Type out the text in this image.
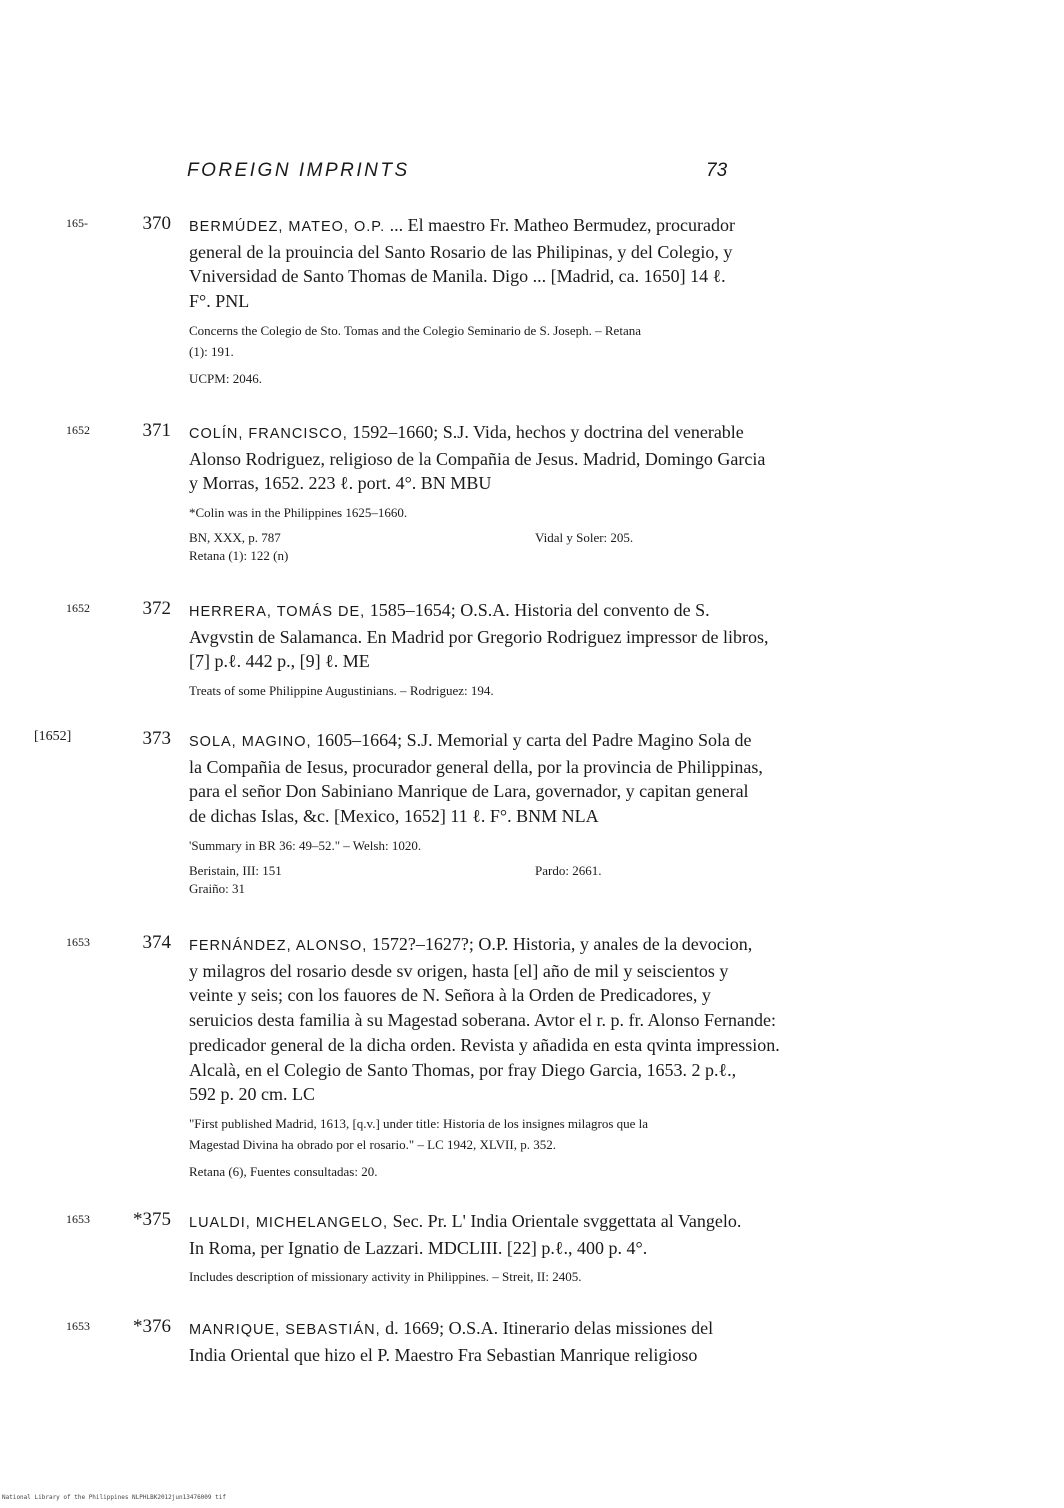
FOREIGN IMPRINTS	73
165-	370 BERMÚDEZ, MATEO, O.P. ... El maestro Fr. Matheo Bermudez, procurador
general de la prouincia del Santo Rosario de las Philipinas, y del Colegio, y
Vniversidad de Santo Thomas de Manila. Digo ... [Madrid, ca. 1650] 14 ℓ.
F°. PNL
Concerns the Colegio de Sto. Tomas and the Colegio Seminario de S. Joseph. – Retana
(1): 191.
UCPM: 2046.
1652	371 COLÍN, FRANCISCO, 1592–1660; S.J. Vida, hechos y doctrina del venerable
Alonso Rodriguez, religioso de la Compañia de Jesus. Madrid, Domingo Garcia
y Morras, 1652. 223 ℓ. port. 4°. BN MBU
*Colin was in the Philippines 1625–1660.
BN, XXX, p. 787	Vidal y Soler: 205.
Retana (1): 122 (n)
1652	372 HERRERA, TOMÁS DE, 1585–1654; O.S.A. Historia del convento de S.
Avgvstin de Salamanca. En Madrid por Gregorio Rodriguez impressor de libros,
[7] p.ℓ. 442 p., [9] ℓ. ME
Treats of some Philippine Augustinians. – Rodriguez: 194.
[1652]	373 SOLA, MAGINO, 1605–1664; S.J. Memorial y carta del Padre Magino Sola de
la Compañia de Iesus, procurador general della, por la provincia de Philippinas,
para el señor Don Sabiniano Manrique de Lara, governador, y capitan general
de dichas Islas, &c. [Mexico, 1652] 11 ℓ. F°. BNM NLA
'Summary in BR 36: 49–52." – Welsh: 1020.
Beristain, III: 151	Pardo: 2661.
Graiño: 31
1653	374 FERNÁNDEZ, ALONSO, 1572?–1627?; O.P. Historia, y anales de la devocion,
y milagros del rosario desde sv origen, hasta [el] año de mil y seiscientos y
veinte y seis; con los fauores de N. Señora à la Orden de Predicadores, y
seruicios desta familia à su Magestad soberana. Avtor el r. p. fr. Alonso Fernande:
predicador general de la dicha orden. Revista y añadida en esta qvinta impression.
Alcalà, en el Colegio de Santo Thomas, por fray Diego Garcia, 1653. 2 p.ℓ.,
592 p. 20 cm. LC
"First published Madrid, 1613, [q.v.] under title: Historia de los insignes milagros que la
Magestad Divina ha obrado por el rosario." – LC 1942, XLVII, p. 352.
Retana (6), Fuentes consultadas: 20.
1653 *375 LUALDI, MICHELANGELO, Sec. Pr. L' India Orientale svggettata al Vangelo.
In Roma, per Ignatio de Lazzari. MDCLIII. [22] p.ℓ., 400 p. 4°.
Includes description of missionary activity in Philippines. – Streit, II: 2405.
1653 *376 MANRIQUE, SEBASTIÁN, d. 1669; O.S.A. Itinerario delas missiones del
India Oriental que hizo el P. Maestro Fra Sebastian Manrique religioso
National Library of the Philippines NLPHLBK2012jun13476009 tif
